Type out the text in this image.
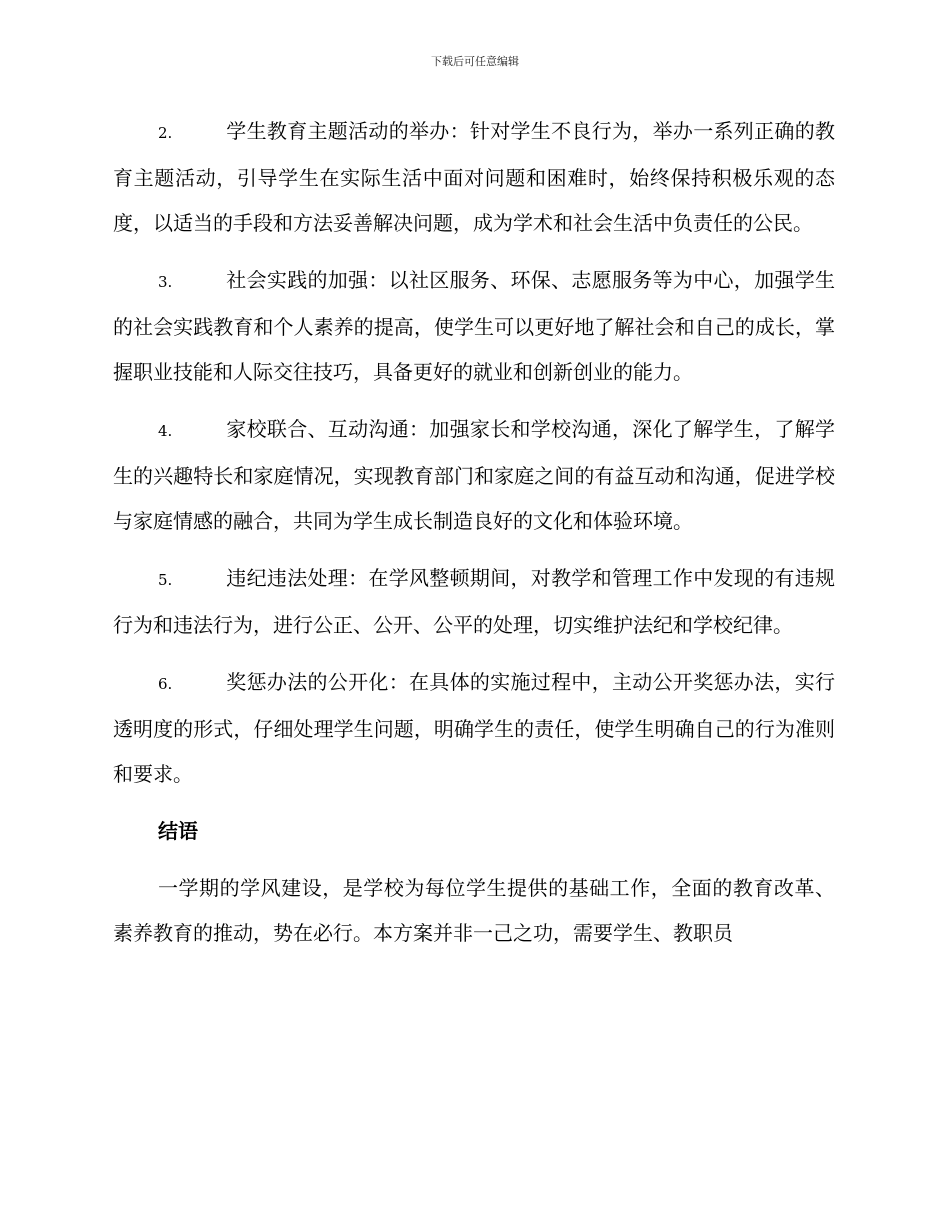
下载后可任意编辑

2.	学生教育主题活动的举办：针对学生不良行为，举办一系列正确的教育主题活动，引导学生在实际生活中面对问题和困难时，始终保持积极乐观的态度，以适当的手段和方法妥善解决问题，成为学术和社会生活中负责任的公民。

3.	社会实践的加强：以社区服务、环保、志愿服务等为中心，加强学生的社会实践教育和个人素养的提高，使学生可以更好地了解社会和自己的成长，掌握职业技能和人际交往技巧，具备更好的就业和创新创业的能力。

4.	家校联合、互动沟通：加强家长和学校沟通，深化了解学生，了解学生的兴趣特长和家庭情况，实现教育部门和家庭之间的有益互动和沟通，促进学校与家庭情感的融合，共同为学生成长制造良好的文化和体验环境。

5.	违纪违法处理：在学风整顿期间，对教学和管理工作中发现的有违规行为和违法行为，进行公正、公开、公平的处理，切实维护法纪和学校纪律。

6.	奖惩办法的公开化：在具体的实施过程中，主动公开奖惩办法，实行透明度的形式，仔细处理学生问题，明确学生的责任，使学生明确自己的行为准则和要求。

结语

一学期的学风建设，是学校为每位学生提供的基础工作，全面的教育改革、素养教育的推动，势在必行。本方案并非一己之功，需要学生、教职员
